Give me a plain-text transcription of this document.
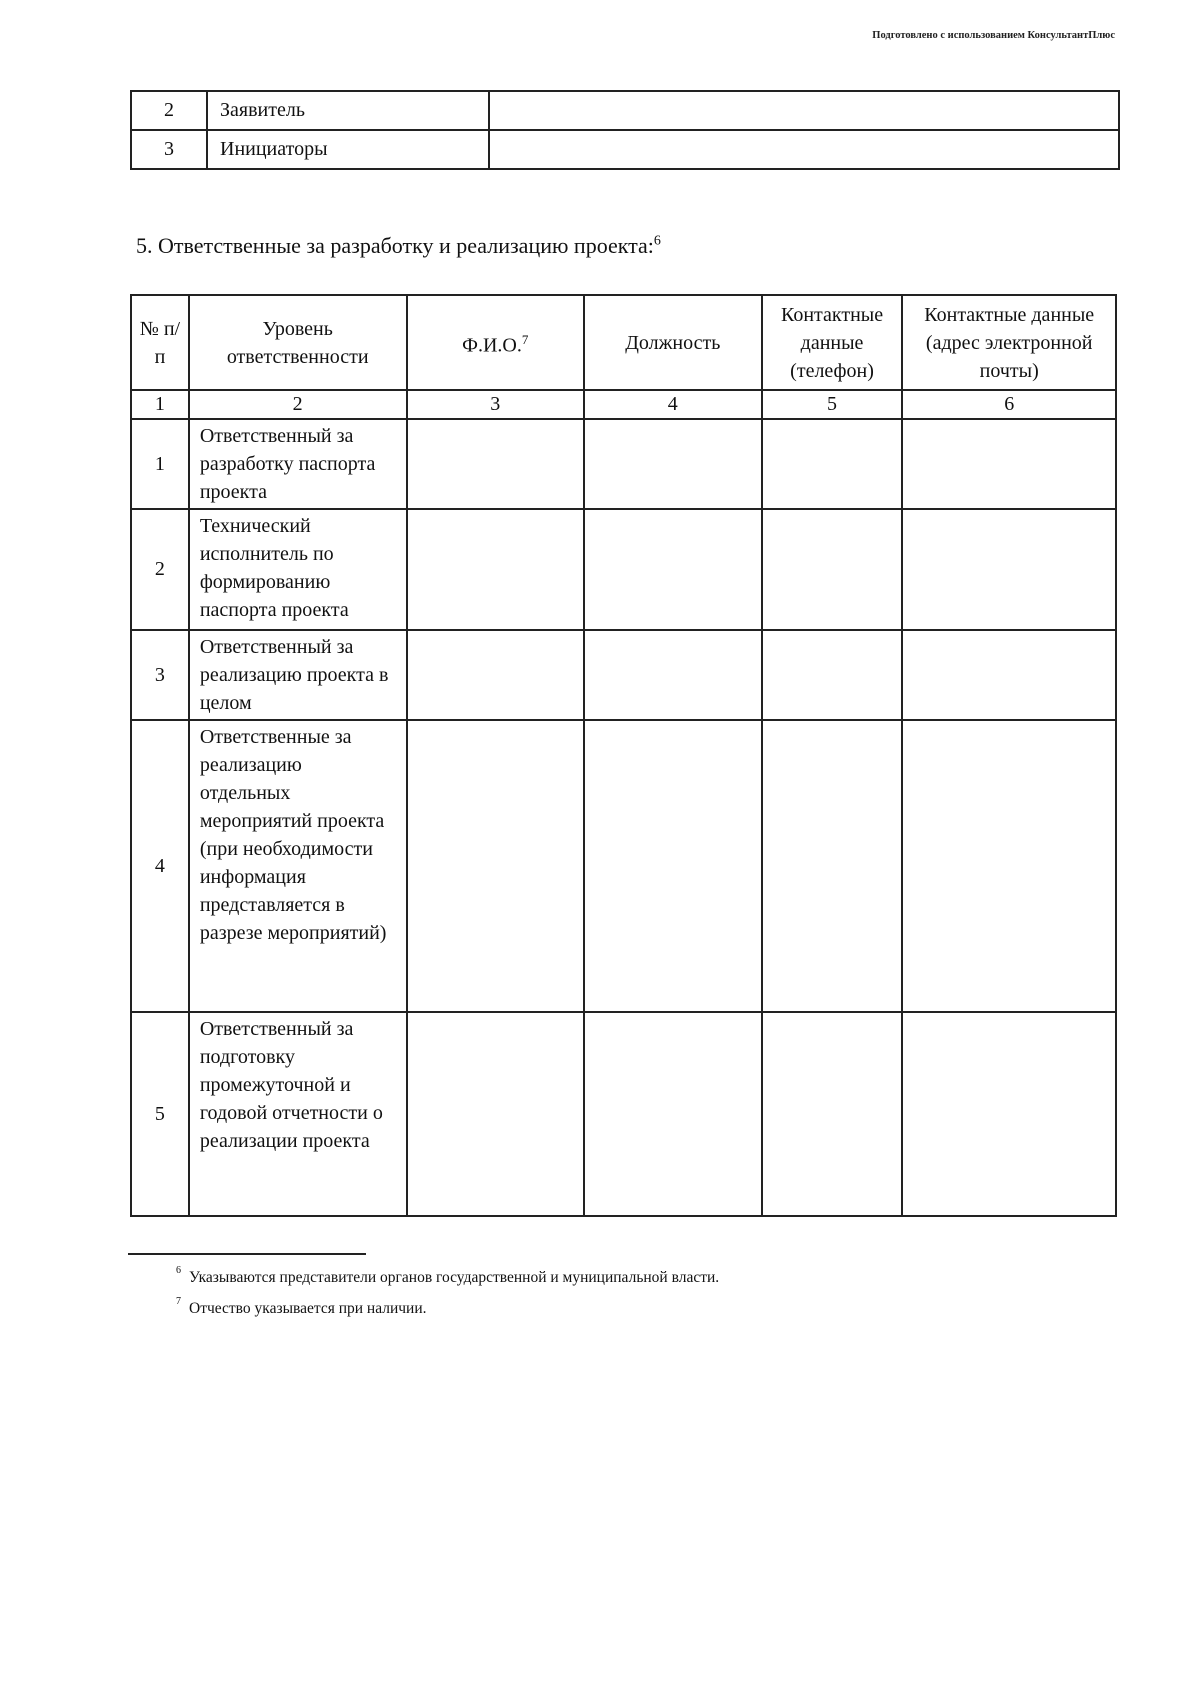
Подготовлено с использованием КонсультантПлюс
2	Заявитель	
3	Инициаторы	
5. Ответственные за разработку и реализацию проекта:$^6$
№ п/п	Уровень ответственности	Ф.И.О.$^7$	Должность	Контактные данные (телефон)	Контактные данные (адрес электронной почты)
1	2	3	4	5	6
1	Ответственный за разработку паспорта проекта				
2	Технический исполнитель по формированию паспорта проекта				
3	Ответственный за реализацию проекта в целом				
4	Ответственные за реализацию отдельных мероприятий проекта (при необходимости информация представляется в разрезе мероприятий)				
5	Ответственный за подготовку промежуточной и годовой отчетности о реализации проекта				
$^6$ Указываются представители органов государственной и муниципальной власти.
$^7$ Отчество указывается при наличии.
